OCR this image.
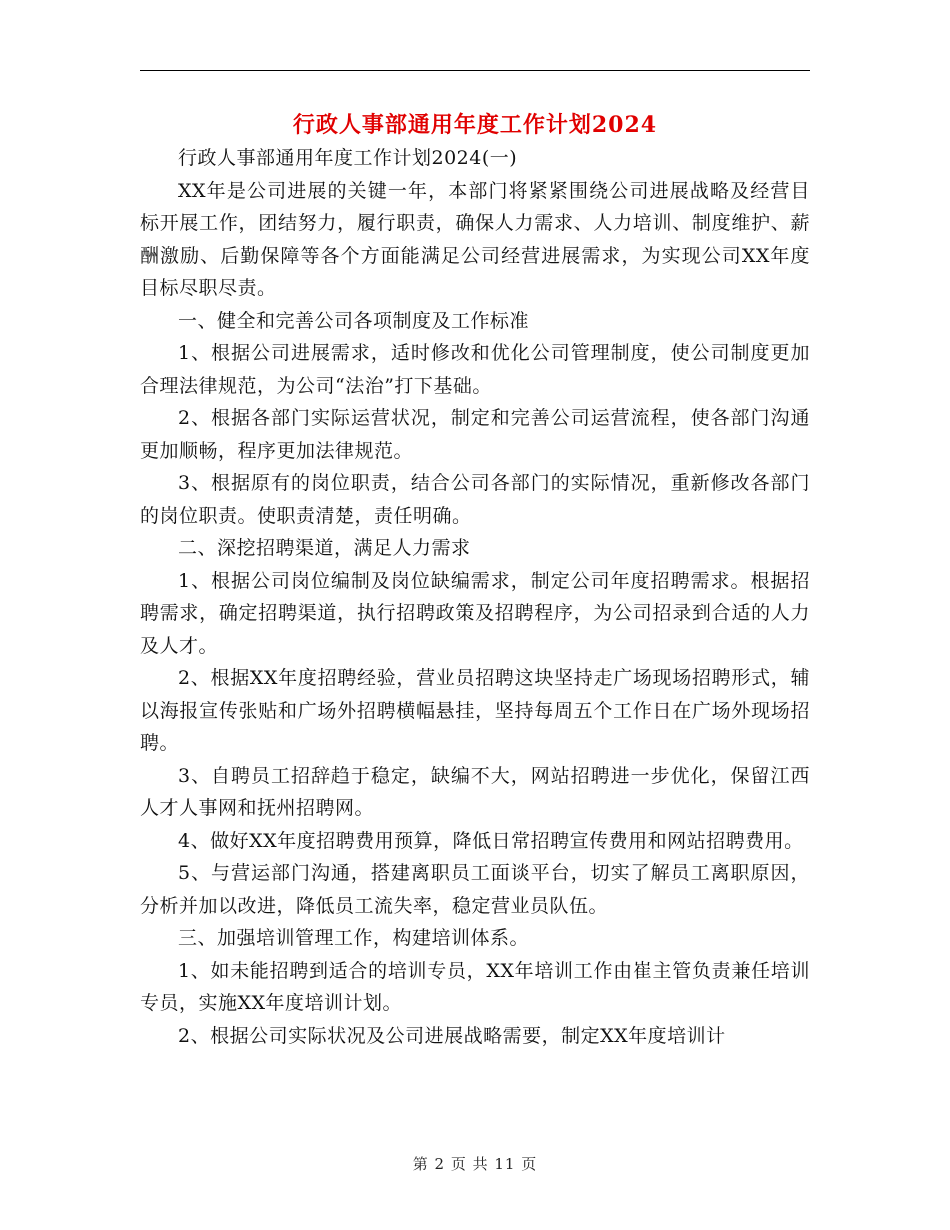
行政人事部通用年度工作计划2024

行政人事部通用年度工作计划2024(一)

XX年是公司进展的关键一年，本部门将紧紧围绕公司进展战略及经营目标开展工作，团结努力，履行职责，确保人力需求、人力培训、制度维护、薪酬激励、后勤保障等各个方面能满足公司经营进展需求，为实现公司XX年度目标尽职尽责。

一、健全和完善公司各项制度及工作标准

1、根据公司进展需求，适时修改和优化公司管理制度，使公司制度更加合理法律规范，为公司“法治”打下基础。

2、根据各部门实际运营状况，制定和完善公司运营流程，使各部门沟通更加顺畅，程序更加法律规范。

3、根据原有的岗位职责，结合公司各部门的实际情况，重新修改各部门的岗位职责。使职责清楚，责任明确。

二、深挖招聘渠道，满足人力需求

1、根据公司岗位编制及岗位缺编需求，制定公司年度招聘需求。根据招聘需求，确定招聘渠道，执行招聘政策及招聘程序，为公司招录到合适的人力及人才。

2、根据XX年度招聘经验，营业员招聘这块坚持走广场现场招聘形式，辅以海报宣传张贴和广场外招聘横幅悬挂，坚持每周五个工作日在广场外现场招聘。

3、自聘员工招辞趋于稳定，缺编不大，网站招聘进一步优化，保留江西人才人事网和抚州招聘网。

4、做好XX年度招聘费用预算，降低日常招聘宣传费用和网站招聘费用。

5、与营运部门沟通，搭建离职员工面谈平台，切实了解员工离职原因，分析并加以改进，降低员工流失率，稳定营业员队伍。

三、加强培训管理工作，构建培训体系。

1、如未能招聘到适合的培训专员，XX年培训工作由崔主管负责兼任培训专员，实施XX年度培训计划。

2、根据公司实际状况及公司进展战略需要，制定XX年度培训计

第 2 页 共 11 页
